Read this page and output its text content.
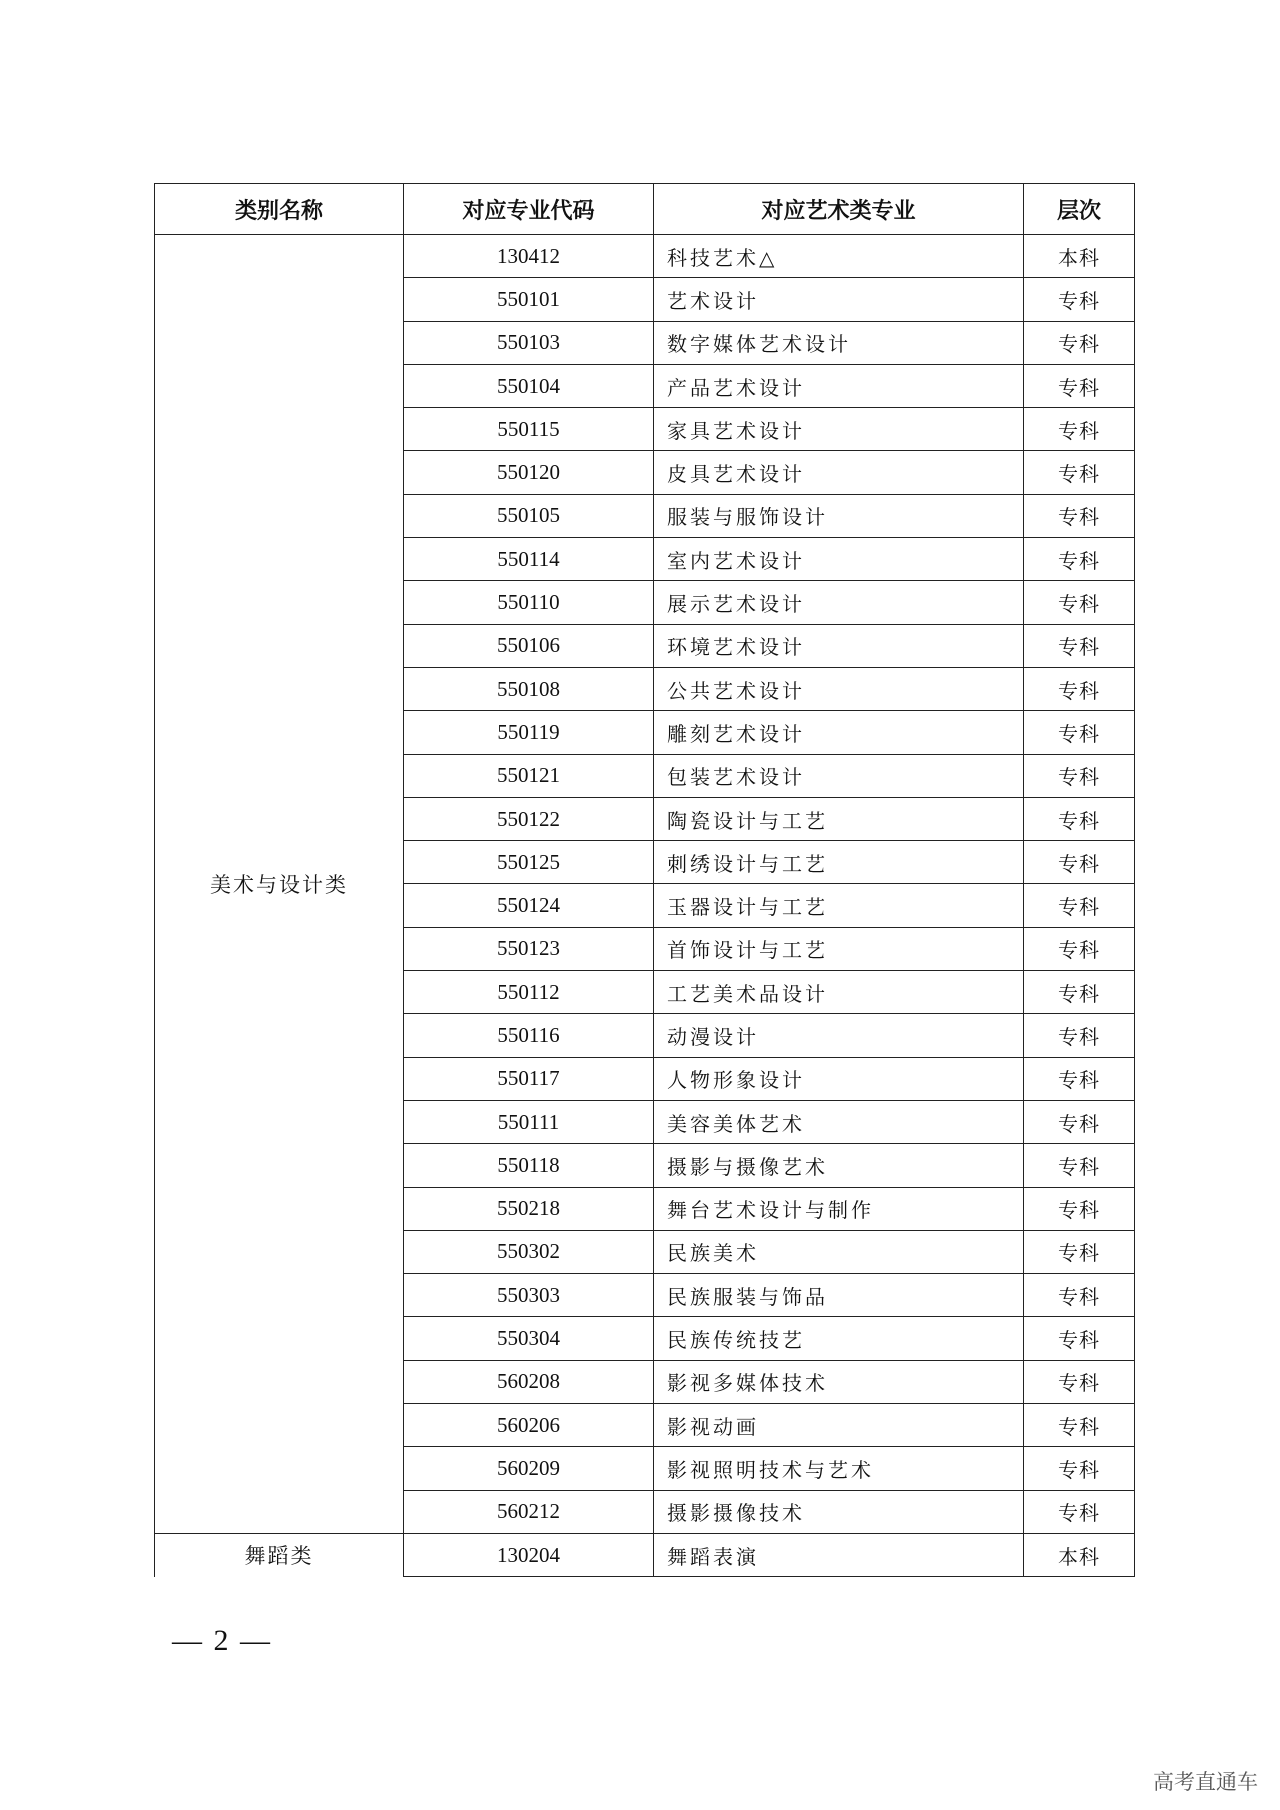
类别名称	对应专业代码	对应艺术类专业	层次
美术与设计类	130412	科技艺术△	本科
	550101	艺术设计	专科
	550103	数字媒体艺术设计	专科
	550104	产品艺术设计	专科
	550115	家具艺术设计	专科
	550120	皮具艺术设计	专科
	550105	服装与服饰设计	专科
	550114	室内艺术设计	专科
	550110	展示艺术设计	专科
	550106	环境艺术设计	专科
	550108	公共艺术设计	专科
	550119	雕刻艺术设计	专科
	550121	包装艺术设计	专科
	550122	陶瓷设计与工艺	专科
	550125	刺绣设计与工艺	专科
	550124	玉器设计与工艺	专科
	550123	首饰设计与工艺	专科
	550112	工艺美术品设计	专科
	550116	动漫设计	专科
	550117	人物形象设计	专科
	550111	美容美体艺术	专科
	550118	摄影与摄像艺术	专科
	550218	舞台艺术设计与制作	专科
	550302	民族美术	专科
	550303	民族服装与饰品	专科
	550304	民族传统技艺	专科
	560208	影视多媒体技术	专科
	560206	影视动画	专科
	560209	影视照明技术与艺术	专科
	560212	摄影摄像技术	专科
舞蹈类	130204	舞蹈表演	本科
— 2 —
高考直通车
